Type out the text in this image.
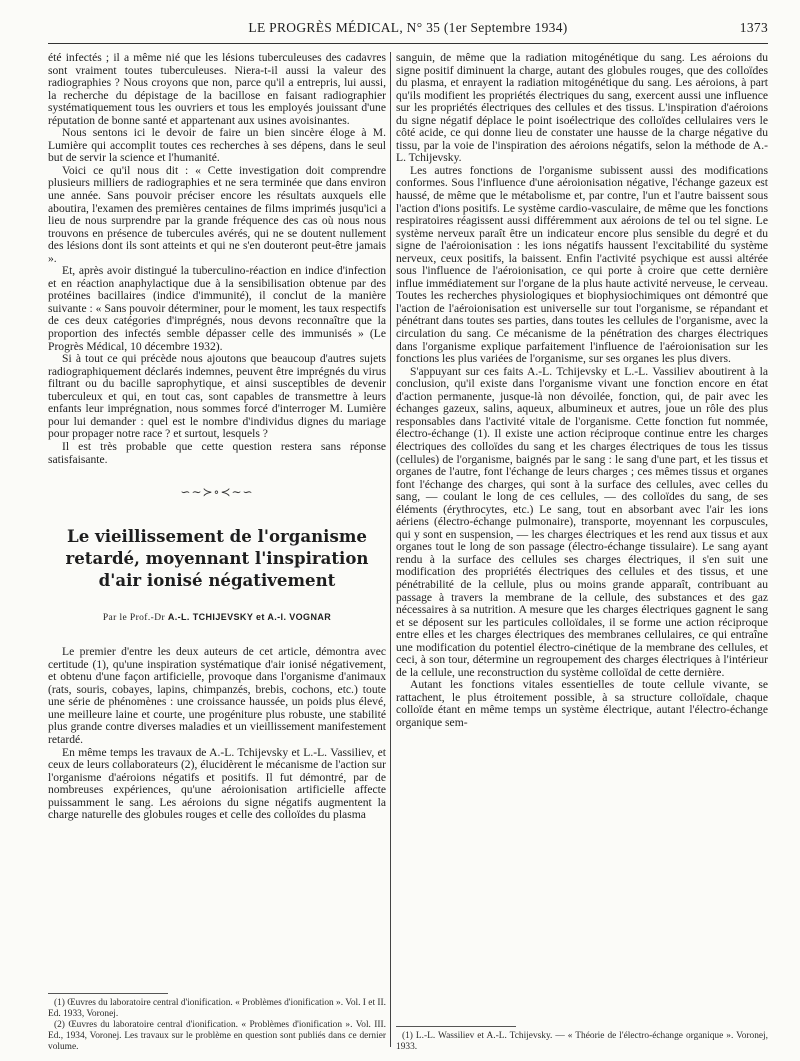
LE PROGRÈS MÉDICAL, N° 35 (1er Septembre 1934)	1373

été infectés ; il a même nié que les lésions tuberculeuses des cadavres sont vraiment toutes tuberculeuses. Niera-t-il aussi la valeur des radiographies ? Nous croyons que non, parce qu'il a entrepris, lui aussi, la recherche du dépistage de la bacillose en faisant radiographier systématiquement tous les ouvriers et tous les employés jouissant d'une réputation de bonne santé et appartenant aux usines avoisinantes.

Nous sentons ici le devoir de faire un bien sincère éloge à M. Lumière qui accomplit toutes ces recherches à ses dépens, dans le seul but de servir la science et l'humanité.

Voici ce qu'il nous dit : « Cette investigation doit comprendre plusieurs milliers de radiographies et ne sera terminée que dans environ une année. Sans pouvoir préciser encore les résultats auxquels elle aboutira, l'examen des premières centaines de films imprimés jusqu'ici a lieu de nous surprendre par la grande fréquence des cas où nous nous trouvons en présence de tubercules avérés, qui ne se doutent nullement des lésions dont ils sont atteints et qui ne s'en douteront peut-être jamais ».

Et, après avoir distingué la tuberculino-réaction en indice d'infection et en réaction anaphylactique due à la sensibilisation obtenue par des protéines bacillaires (indice d'immunité), il conclut de la manière suivante : « Sans pouvoir déterminer, pour le moment, les taux respectifs de ces deux catégories d'imprégnés, nous devons reconnaître que la proportion des infectés semble dépasser celle des immunisés » (Le Progrès Médical, 10 décembre 1932).

Si à tout ce qui précède nous ajoutons que beaucoup d'autres sujets radiographiquement déclarés indemnes, peuvent être imprégnés du virus filtrant ou du bacille saprophytique, et ainsi susceptibles de devenir tuberculeux et qui, en tout cas, sont capables de transmettre à leurs enfants leur imprégnation, nous sommes forcé d'interroger M. Lumière pour lui demander : quel est le nombre d'individus dignes du mariage pour propager notre race ? et surtout, lesquels ?

Il est très probable que cette question restera sans réponse satisfaisante.

∽∼≻∘≺∼∽
Le vieillissement de l'organisme retardé, moyennant l'inspiration d'air ionisé négativement
Par le Prof.-Dr A.-L. TCHIJEVSKY et A.-I. VOGNAR

Le premier d'entre les deux auteurs de cet article, démontra avec certitude (1), qu'une inspiration systématique d'air ionisé négativement, et obtenu d'une façon artificielle, provoque dans l'organisme d'animaux (rats, souris, cobayes, lapins, chimpanzés, brebis, cochons, etc.) toute une série de phénomènes : une croissance haussée, un poids plus élevé, une meilleure laine et courte, une progéniture plus robuste, une stabilité plus grande contre diverses maladies et un vieillissement manifestement retardé.

En même temps les travaux de A.-L. Tchijevsky et L.-L. Vassiliev, et ceux de leurs collaborateurs (2), élucidèrent le mécanisme de l'action sur l'organisme d'aéroions négatifs et positifs. Il fut démontré, par de nombreuses expériences, qu'une aéroionisation artificielle affecte puissamment le sang. Les aéroions du signe négatifs augmentent la charge naturelle des globules rouges et celle des colloïdes du plasma

(1) Œuvres du laboratoire central d'ionification. « Problèmes d'ionification ». Vol. I et II. Ed. 1933, Voronej.

(2) Œuvres du laboratoire central d'ionification. « Problèmes d'ionification ». Vol. III. Ed., 1934, Voronej. Les travaux sur le problème en question sont publiés dans ce dernier volume.

sanguin, de même que la radiation mitogénétique du sang. Les aéroions du signe positif diminuent la charge, autant des globules rouges, que des colloïdes du plasma, et enrayent la radiation mitogénétique du sang. Les aéroions, à part qu'ils modifient les propriétés électriques du sang, exercent aussi une influence sur les propriétés électriques des cellules et des tissus. L'inspiration d'aéroions du signe négatif déplace le point isoélectrique des colloïdes cellulaires vers le côté acide, ce qui donne lieu de constater une hausse de la charge négative du tissu, par la voie de l'inspiration des aéroions négatifs, selon la méthode de A.-L. Tchijevsky.

Les autres fonctions de l'organisme subissent aussi des modifications conformes. Sous l'influence d'une aéroionisation négative, l'échange gazeux est haussé, de même que le métabolisme et, par contre, l'un et l'autre baissent sous l'action d'ions positifs. Le système cardio-vasculaire, de même que les fonctions respiratoires réagissent aussi différemment aux aéroions de tel ou tel signe. Le système nerveux paraît être un indicateur encore plus sensible du degré et du signe de l'aéroionisation : les ions négatifs haussent l'excitabilité du système nerveux, ceux positifs, la baissent. Enfin l'activité psychique est aussi altérée sous l'influence de l'aéroionisation, ce qui porte à croire que cette dernière influe immédiatement sur l'organe de la plus haute activité nerveuse, le cerveau. Toutes les recherches physiologiques et biophysiochimiques ont démontré que l'action de l'aéroionisation est universelle sur tout l'organisme, se répandant et pénétrant dans toutes ses parties, dans toutes les cellules de l'organisme, avec la circulation du sang. Ce mécanisme de la pénétration des charges électriques dans l'organisme explique parfaitement l'influence de l'aéroionisation sur les fonctions les plus variées de l'organisme, sur ses organes les plus divers.

S'appuyant sur ces faits A.-L. Tchijevsky et L.-L. Vassiliev aboutirent à la conclusion, qu'il existe dans l'organisme vivant une fonction encore en état d'action permanente, jusque-là non dévoilée, fonction, qui, de pair avec les échanges gazeux, salins, aqueux, albumineux et autres, joue un rôle des plus responsables dans l'activité vitale de l'organisme. Cette fonction fut nommée, électro-échange (1). Il existe une action réciproque continue entre les charges électriques des colloïdes du sang et les charges électriques de tous les tissus (cellules) de l'organisme, baignés par le sang : le sang d'une part, et les tissus et organes de l'autre, font l'échange de leurs charges ; ces mêmes tissus et organes font l'échange des charges, qui sont à la surface des cellules, avec celles du sang, — coulant le long de ces cellules, — des colloïdes du sang, de ses éléments (érythrocytes, etc.) Le sang, tout en absorbant avec l'air les ions aériens (électro-échange pulmonaire), transporte, moyennant les corpuscules, qui y sont en suspension, — les charges électriques et les rend aux tissus et aux organes tout le long de son passage (électro-échange tissulaire). Le sang ayant rendu à la surface des cellules ses charges électriques, il s'en suit une modification des propriétés électriques des cellules et des tissus, et une pénétrabilité de la cellule, plus ou moins grande apparaît, contribuant au passage à travers la membrane de la cellule, des substances et des gaz nécessaires à sa nutrition. A mesure que les charges électriques gagnent le sang et se déposent sur les particules colloïdales, il se forme une action réciproque entre elles et les charges électriques des membranes cellulaires, ce qui entraîne une modification du potentiel électro-cinétique de la membrane des cellules, et ceci, à son tour, détermine un regroupement des charges électriques à l'intérieur de la cellule, une reconstruction du système colloïdal de cette dernière.

Autant les fonctions vitales essentielles de toute cellule vivante, se rattachent, le plus étroitement possible, à sa structure colloïdale, chaque colloïde étant en même temps un système électrique, autant l'électro-échange organique sem-

(1) L.-L. Wassiliev et A.-L. Tchijevsky. — « Théorie de l'électro-échange organique ». Voronej, 1933.
